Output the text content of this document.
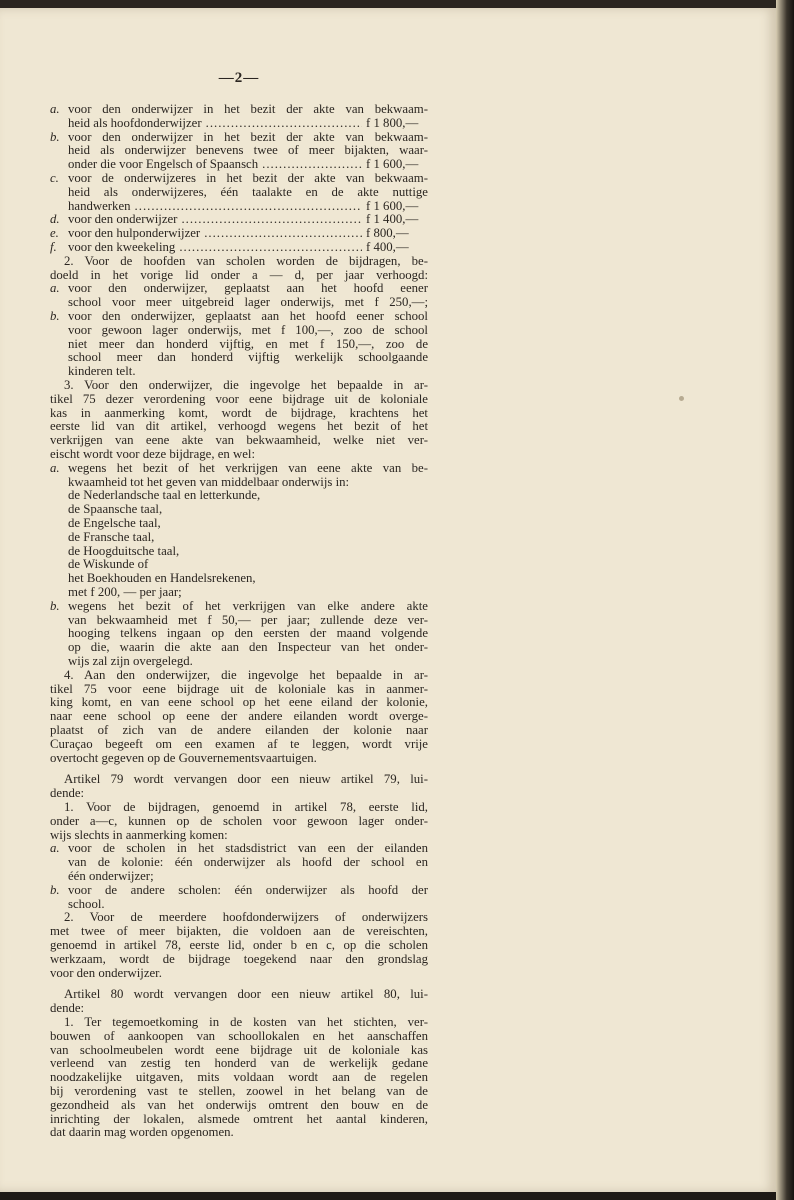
—2—
a. voor den onderwijzer in het bezit der akte van bekwaam-
heid als hoofdonderwijzer .....	f 1 800,—
b. voor den onderwijzer in het bezit der akte van bekwaam-
heid als onderwijzer benevens twee of meer bijakten, waar-
onder die voor Engelsch of Spaansch .....	f 1 600,—
c. voor de onderwijzeres in het bezit der akte van bekwaam-
heid als onderwijzeres, één taalakte en de akte nuttige
handwerken .....	f 1 600,—
d. voor den onderwijzer .....	f 1 400,—
e. voor den hulponderwijzer .....	f 800,—
f. voor den kweekeling .....	f 400,—
2. Voor de hoofden van scholen worden de bijdragen, be-
doeld in het vorige lid onder a — d, per jaar verhoogd:
a. voor den onderwijzer, geplaatst aan het hoofd eener
school voor meer uitgebreid lager onderwijs, met f 250,—;
b. voor den onderwijzer, geplaatst aan het hoofd eener school
voor gewoon lager onderwijs, met f 100,—, zoo de school
niet meer dan honderd vijftig, en met f 150,—, zoo de
school meer dan honderd vijftig werkelijk schoolgaande
kinderen telt.
3. Voor den onderwijzer, die ingevolge het bepaalde in ar-
tikel 75 dezer verordening voor eene bijdrage uit de koloniale
kas in aanmerking komt, wordt de bijdrage, krachtens het
eerste lid van dit artikel, verhoogd wegens het bezit of het
verkrijgen van eene akte van bekwaamheid, welke niet ver-
eischt wordt voor deze bijdrage, en wel:
a. wegens het bezit of het verkrijgen van eene akte van be-
kwaamheid tot het geven van middelbaar onderwijs in:
de Nederlandsche taal en letterkunde,
de Spaansche taal,
de Engelsche taal,
de Fransche taal,
de Hoogduitsche taal,
de Wiskunde of
het Boekhouden en Handelsrekenen,
met f 200, — per jaar;
b. wegens het bezit of het verkrijgen van elke andere akte
van bekwaamheid met f 50,— per jaar; zullende deze ver-
hooging telkens ingaan op den eersten der maand volgende
op die, waarin die akte aan den Inspecteur van het onder-
wijs zal zijn overgelegd.
4. Aan den onderwijzer, die ingevolge het bepaalde in ar-
tikel 75 voor eene bijdrage uit de koloniale kas in aanmer-
king komt, en van eene school op het eene eiland der kolonie,
naar eene school op eene der andere eilanden wordt overge-
plaatst of zich van de andere eilanden der kolonie naar
Curaçao begeeft om een examen af te leggen, wordt vrije
overtocht gegeven op de Gouvernementsvaartuigen.
Artikel 79 wordt vervangen door een nieuw artikel 79, lui-
dende:
1. Voor de bijdragen, genoemd in artikel 78, eerste lid,
onder a—c, kunnen op de scholen voor gewoon lager onder-
wijs slechts in aanmerking komen:
a. voor de scholen in het stadsdistrict van een der eilanden
van de kolonie: één onderwijzer als hoofd der school en
één onderwijzer;
b. voor de andere scholen: één onderwijzer als hoofd der
school.
2. Voor de meerdere hoofdonderwijzers of onderwijzers
met twee of meer bijakten, die voldoen aan de vereischten,
genoemd in artikel 78, eerste lid, onder b en c, op die scholen
werkzaam, wordt de bijdrage toegekend naar den grondslag
voor den onderwijzer.
Artikel 80 wordt vervangen door een nieuw artikel 80, lui-
dende:
1. Ter tegemoetkoming in de kosten van het stichten, ver-
bouwen of aankoopen van schoollokalen en het aanschaffen
van schoolmeubelen wordt eene bijdrage uit de koloniale kas
verleend van zestig ten honderd van de werkelijk gedane
noodzakelijke uitgaven, mits voldaan wordt aan de regelen
bij verordening vast te stellen, zoowel in het belang van de
gezondheid als van het onderwijs omtrent den bouw en de
inrichting der lokalen, alsmede omtrent het aantal kinderen,
dat daarin mag worden opgenomen.
